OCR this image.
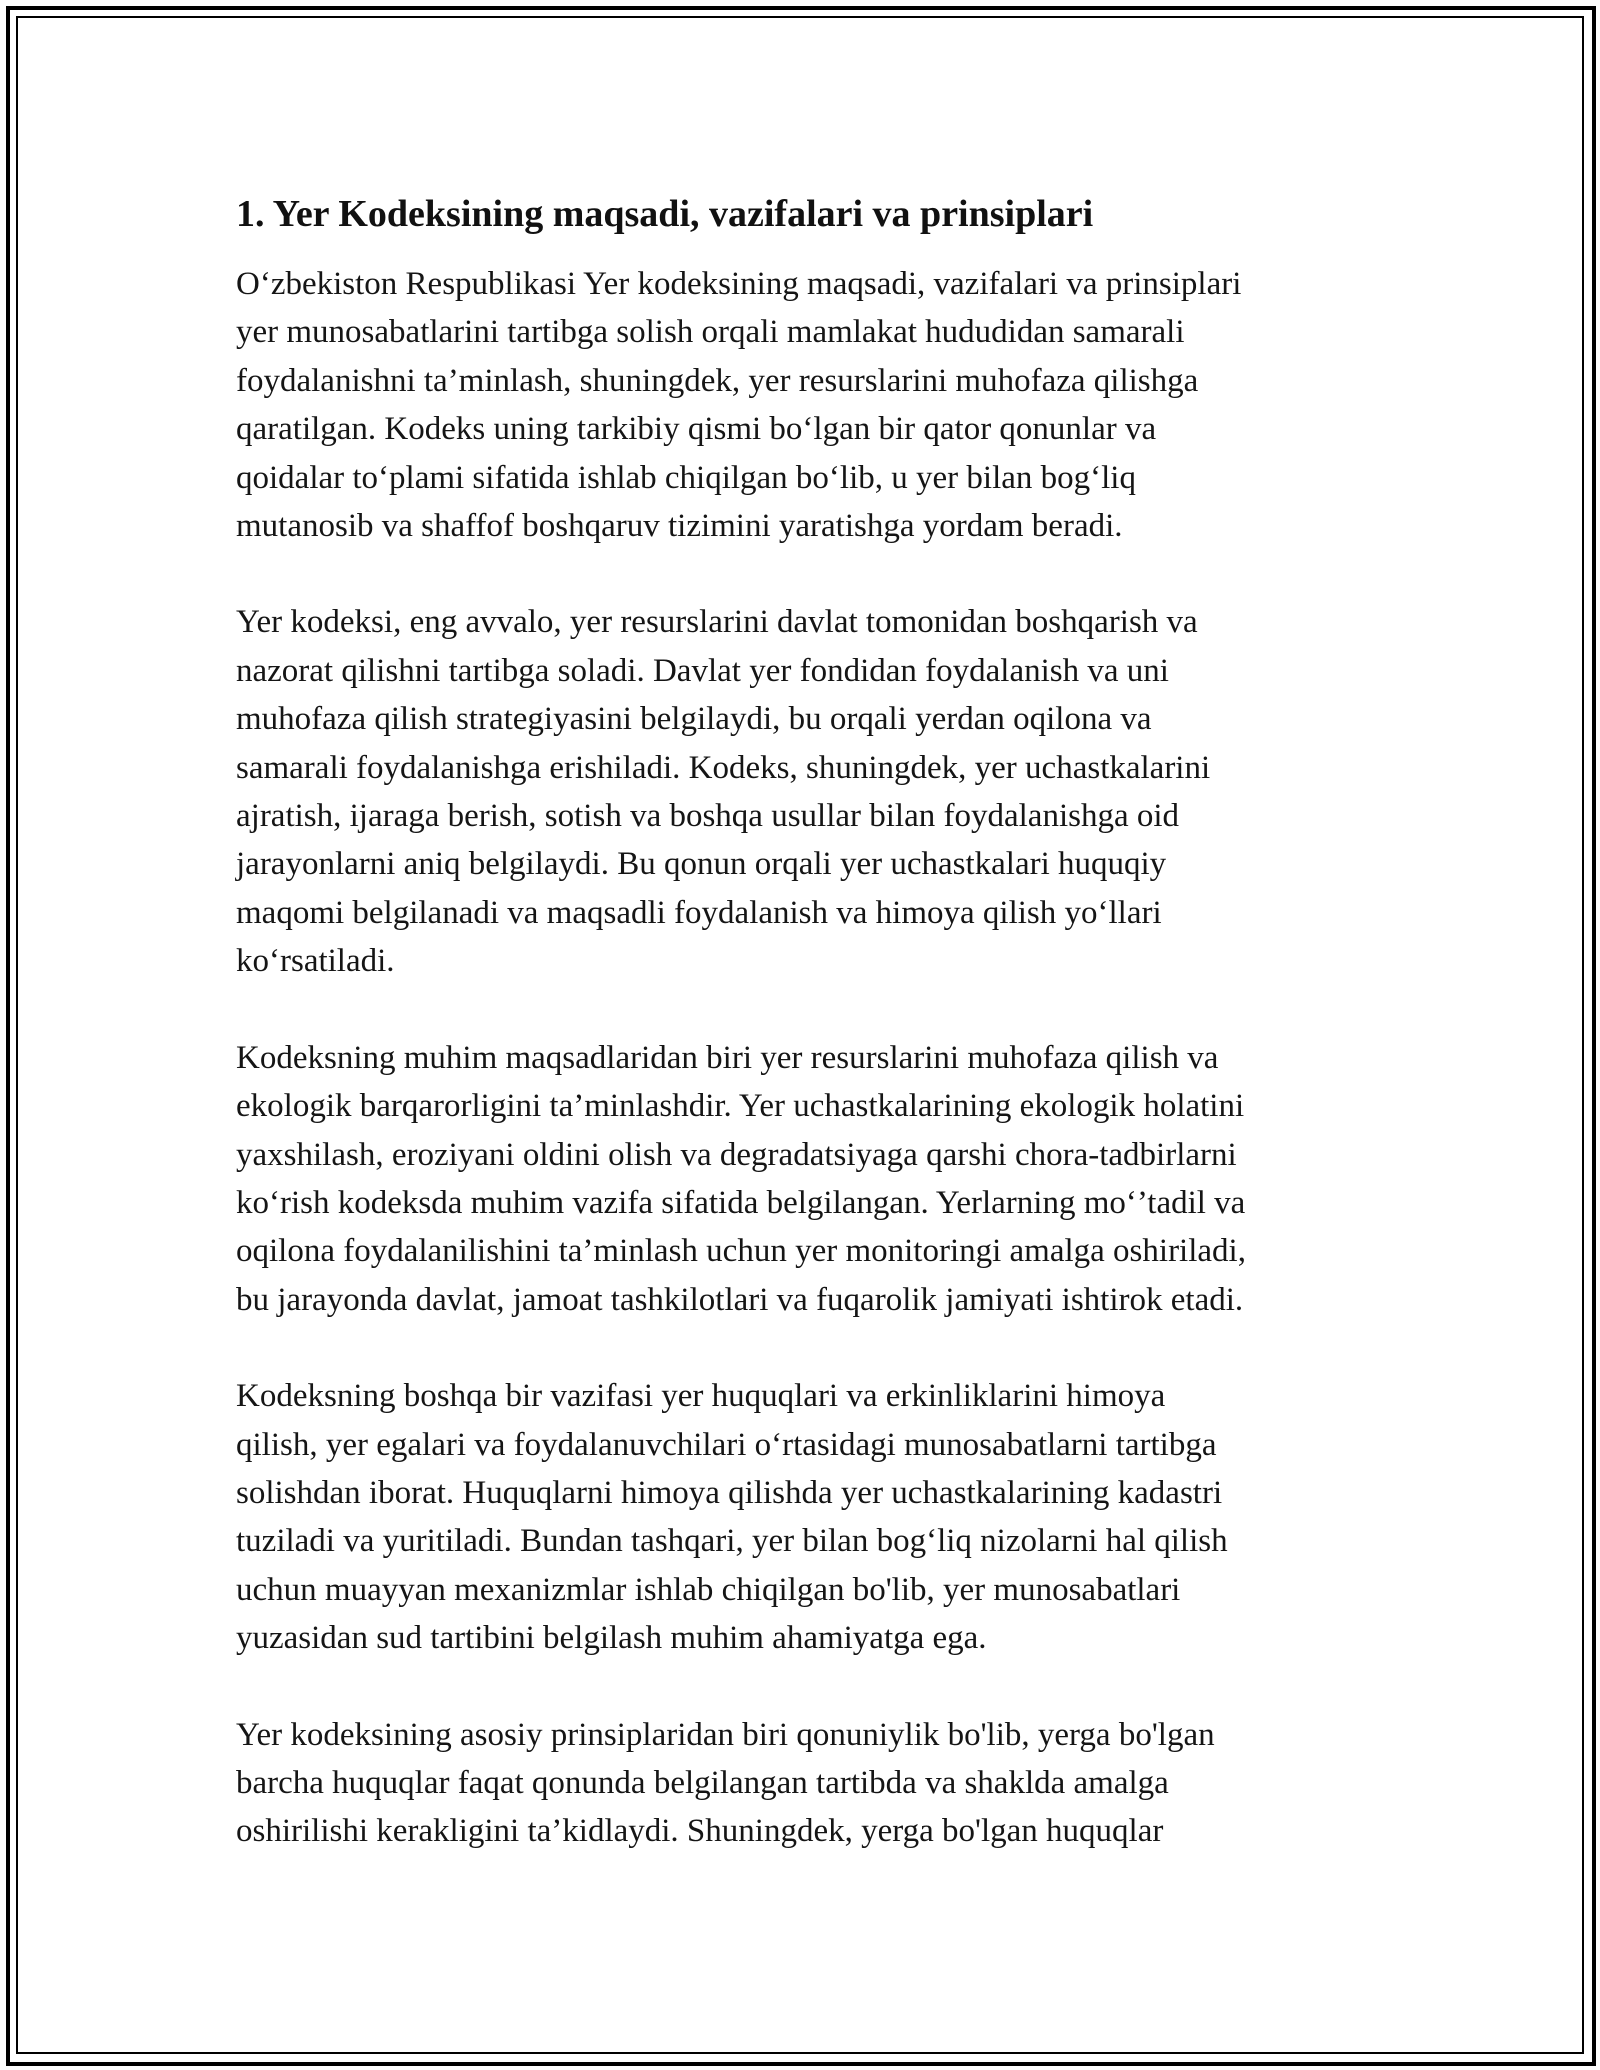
1. Yer Kodeksining maqsadi, vazifalari va prinsiplari

O‘zbekiston Respublikasi Yer kodeksining maqsadi, vazifalari va prinsiplari
yer munosabatlarini tartibga solish orqali mamlakat hududidan samarali
foydalanishni ta’minlash, shuningdek, yer resurslarini muhofaza qilishga
qaratilgan. Kodeks uning tarkibiy qismi bo‘lgan bir qator qonunlar va
qoidalar to‘plami sifatida ishlab chiqilgan bo‘lib, u yer bilan bog‘liq
mutanosib va shaffof boshqaruv tizimini yaratishga yordam beradi.

Yer kodeksi, eng avvalo, yer resurslarini davlat tomonidan boshqarish va
nazorat qilishni tartibga soladi. Davlat yer fondidan foydalanish va uni
muhofaza qilish strategiyasini belgilaydi, bu orqali yerdan oqilona va
samarali foydalanishga erishiladi. Kodeks, shuningdek, yer uchastkalarini
ajratish, ijaraga berish, sotish va boshqa usullar bilan foydalanishga oid
jarayonlarni aniq belgilaydi. Bu qonun orqali yer uchastkalari huquqiy
maqomi belgilanadi va maqsadli foydalanish va himoya qilish yo‘llari
ko‘rsatiladi.

Kodeksning muhim maqsadlaridan biri yer resurslarini muhofaza qilish va
ekologik barqarorligini ta’minlashdir. Yer uchastkalarining ekologik holatini
yaxshilash, eroziyani oldini olish va degradatsiyaga qarshi chora-tadbirlarni
ko‘rish kodeksda muhim vazifa sifatida belgilangan. Yerlarning mo‘’tadil va
oqilona foydalanilishini ta’minlash uchun yer monitoringi amalga oshiriladi,
bu jarayonda davlat, jamoat tashkilotlari va fuqarolik jamiyati ishtirok etadi.

Kodeksning boshqa bir vazifasi yer huquqlari va erkinliklarini himoya
qilish, yer egalari va foydalanuvchilari o‘rtasidagi munosabatlarni tartibga
solishdan iborat. Huquqlarni himoya qilishda yer uchastkalarining kadastri
tuziladi va yuritiladi. Bundan tashqari, yer bilan bog‘liq nizolarni hal qilish
uchun muayyan mexanizmlar ishlab chiqilgan bo'lib, yer munosabatlari
yuzasidan sud tartibini belgilash muhim ahamiyatga ega.

Yer kodeksining asosiy prinsiplaridan biri qonuniylik bo'lib, yerga bo'lgan
barcha huquqlar faqat qonunda belgilangan tartibda va shaklda amalga
oshirilishi kerakligini ta’kidlaydi. Shuningdek, yerga bo'lgan huquqlar
